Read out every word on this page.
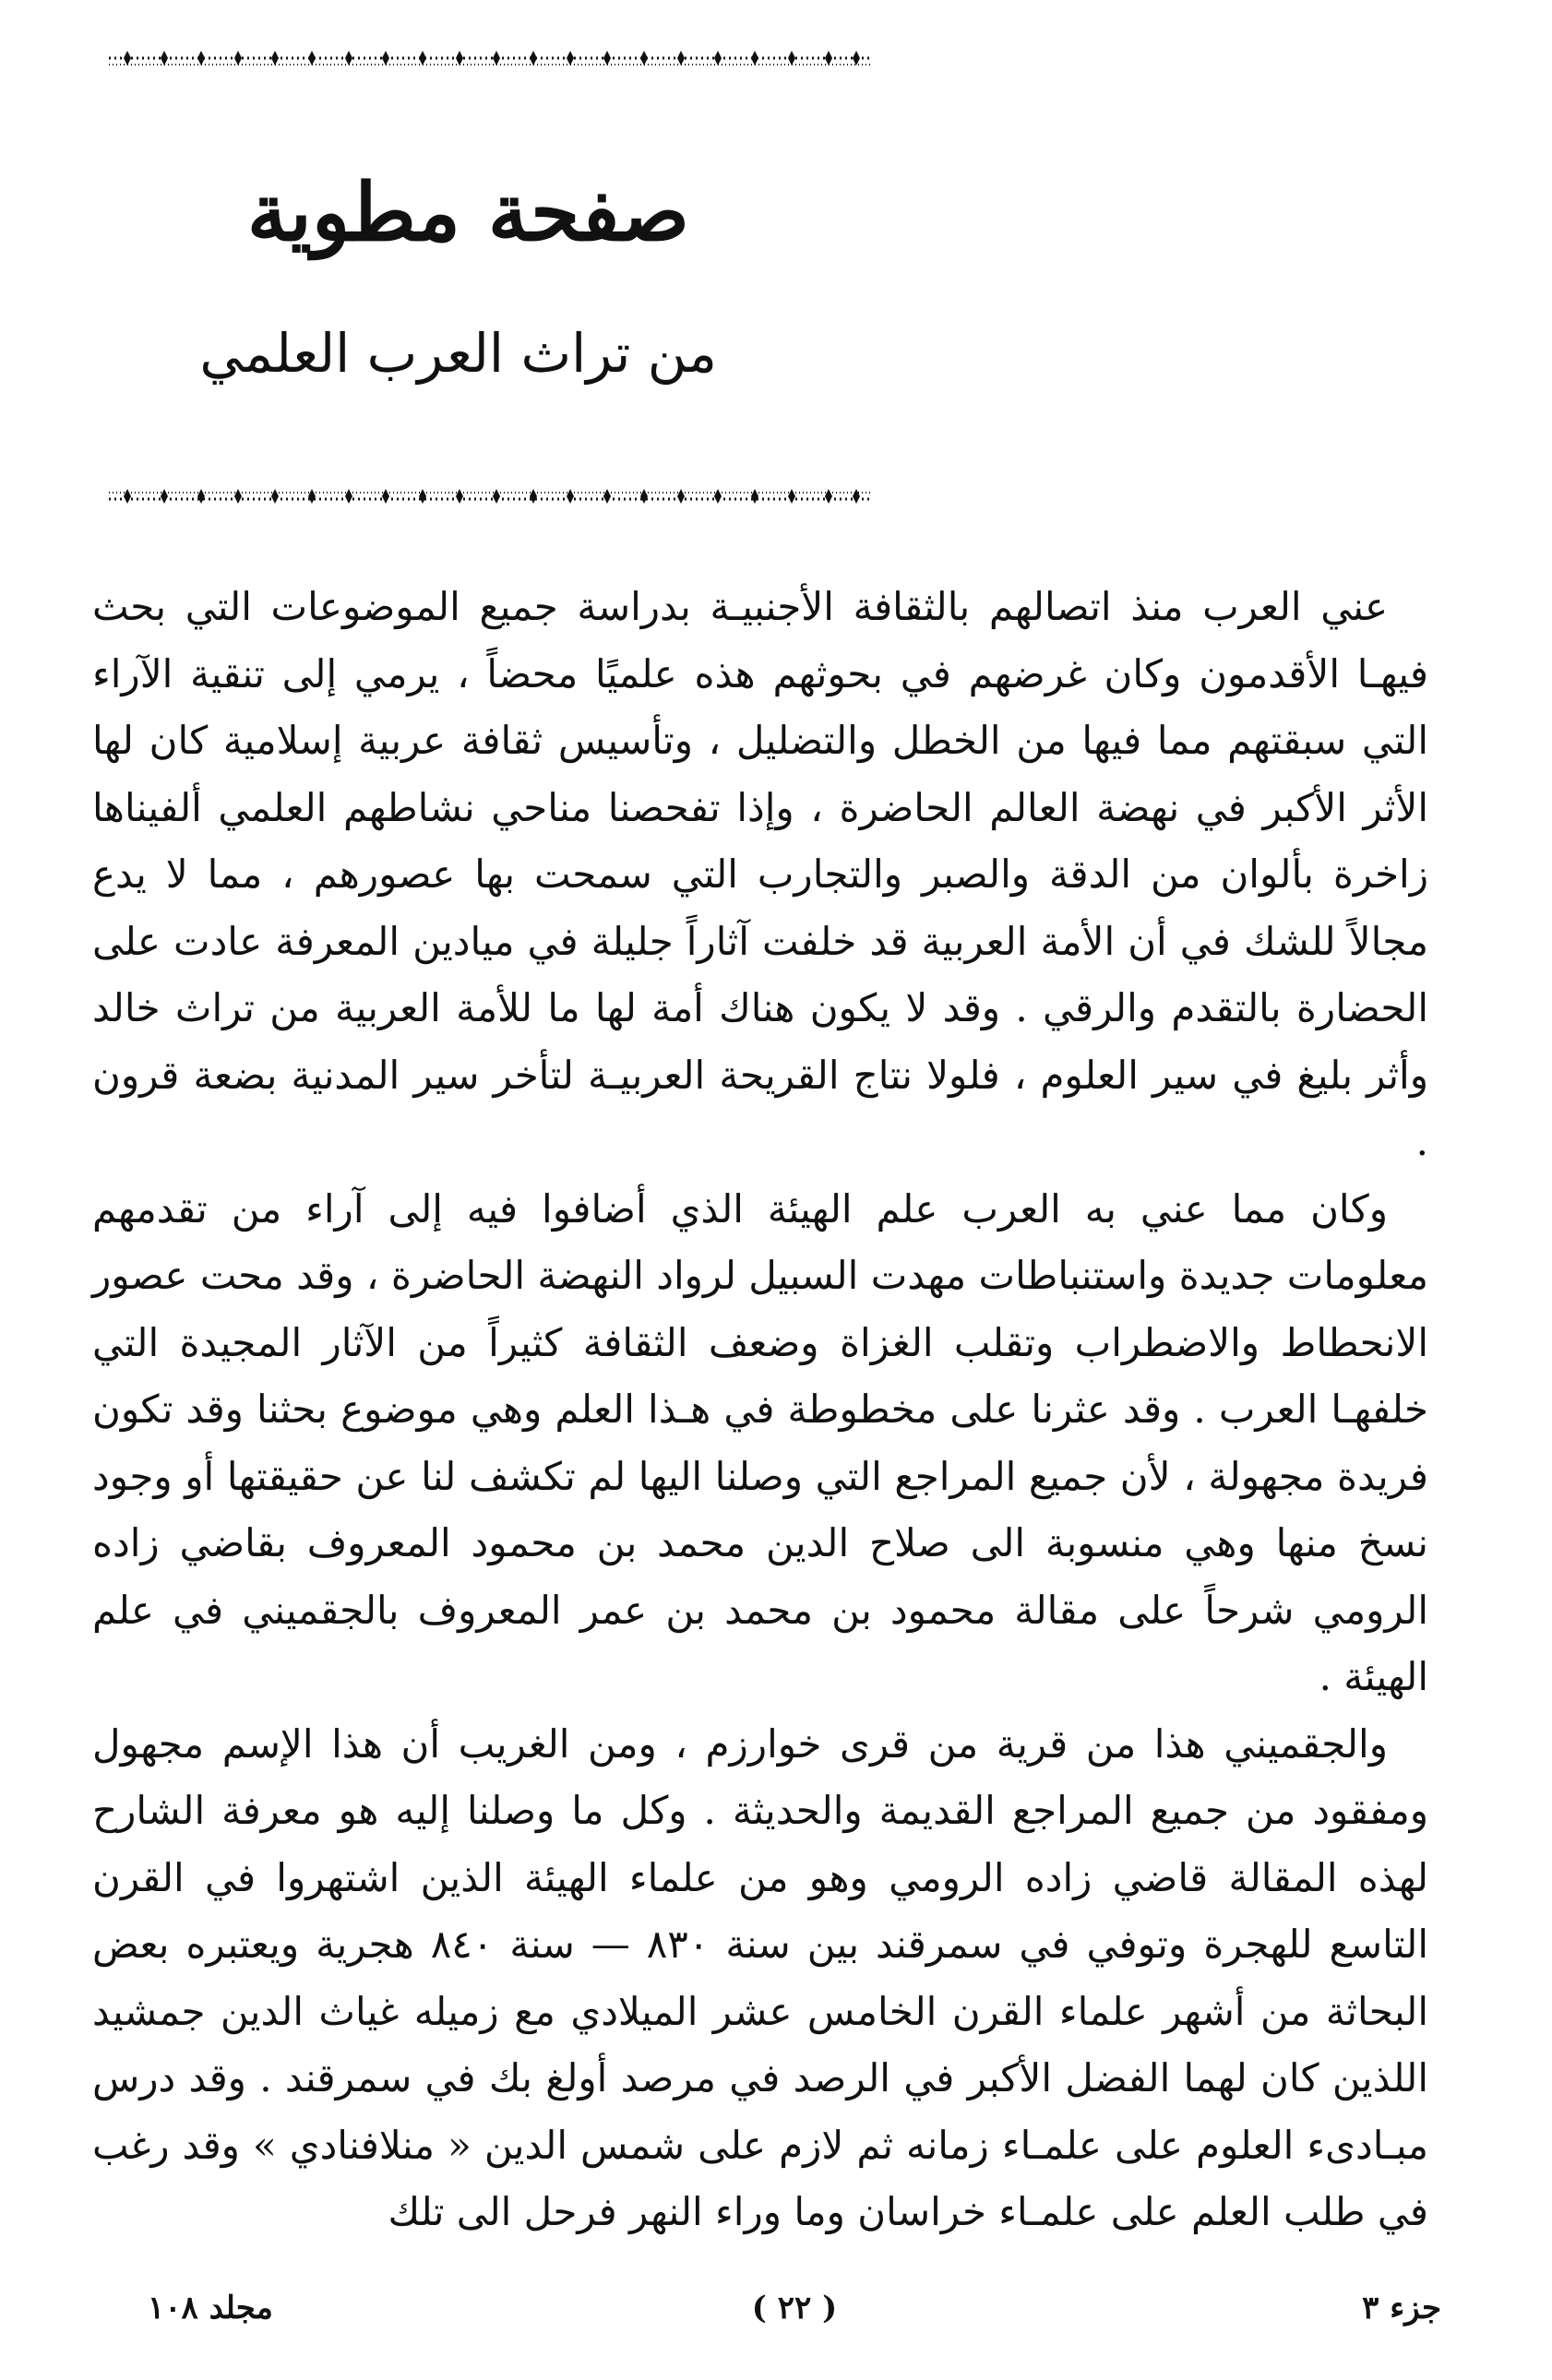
صفحة مطوية
من تراث العرب العلمي

عني العرب منذ اتصالهم بالثقافة الأجنبيـة بدراسة جميع الموضوعات التي بحث فيهـا الأقدمون وكان غرضهم في بحوثهم هذه علميًا محضاً ، يرمي إلى تنقية الآراء التي سبقتهم مما فيها من الخطل والتضليل ، وتأسيس ثقافة عربية إسلامية كان لها الأثر الأكبر في نهضة العالم الحاضرة ، وإذا تفحصنا مناحي نشاطهم العلمي ألفيناها زاخرة بألوان من الدقة والصبر والتجارب التي سمحت بها عصورهم ، مما لا يدع مجالاً للشك في أن الأمة العربية قد خلفت آثاراً جليلة في ميادين المعرفة عادت على الحضارة بالتقدم والرقي . وقد لا يكون هناك أمة لها ما للأمة العربية من تراث خالد وأثر بليغ في سير العلوم ، فلولا نتاج القريحة العربيـة لتأخر سير المدنية بضعة قرون .

وكان مما عني به العرب علم الهيئة الذي أضافوا فيه إلى آراء من تقدمهم معلومات جديدة واستنباطات مهدت السبيل لرواد النهضة الحاضرة ، وقد محت عصور الانحطاط والاضطراب وتقلب الغزاة وضعف الثقافة كثيراً من الآثار المجيدة التي خلفهـا العرب . وقد عثرنا على مخطوطة في هـذا العلم وهي موضوع بحثنا وقد تكون فريدة مجهولة ، لأن جميع المراجع التي وصلنا اليها لم تكشف لنا عن حقيقتها أو وجود نسخ منها وهي منسوبة الى صلاح الدين محمد بن محمود المعروف بقاضي زاده الرومي شرحاً على مقالة محمود بن محمد بن عمر المعروف بالجقميني في علم الهيئة .

والجقميني هذا من قرية من قرى خوارزم ، ومن الغريب أن هذا الإسم مجهول ومفقود من جميع المراجع القديمة والحديثة . وكل ما وصلنا إليه هو معرفة الشارح لهذه المقالة قاضي زاده الرومي وهو من علماء الهيئة الذين اشتهروا في القرن التاسع للهجرة وتوفي في سمرقند بين سنة ٨٣٠ — سنة ٨٤٠ هجرية ويعتبره بعض البحاثة من أشهر علماء القرن الخامس عشر الميلادي مع زميله غياث الدين جمشيد اللذين كان لهما الفضل الأكبر في الرصد في مرصد أولغ بك في سمرقند . وقد درس مبـادىء العلوم على علمـاء زمانه ثم لازم على شمس الدين « منلافنادي » وقد رغب في طلب العلم على علمـاء خراسان وما وراء النهر فرحل الى تلك

جزء ٣
( ٢٢ )
مجلد ١٠٨
